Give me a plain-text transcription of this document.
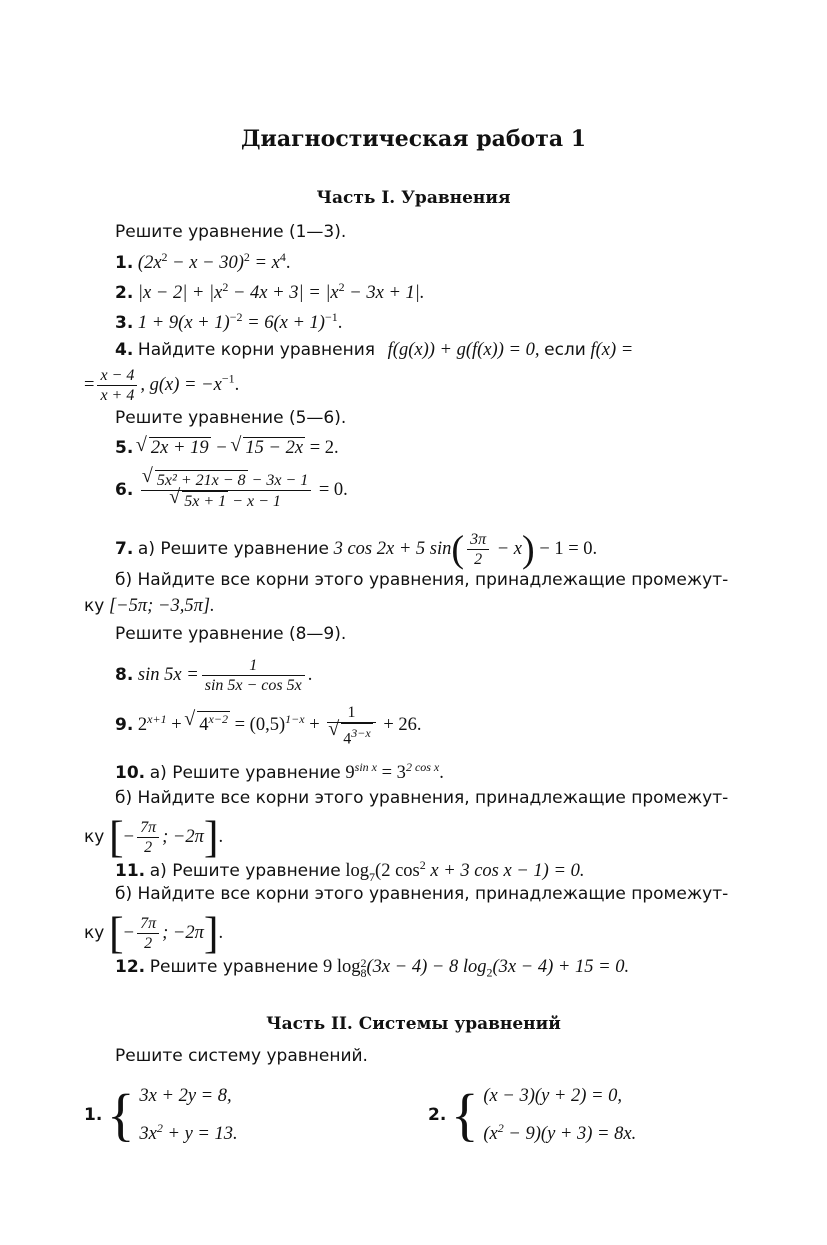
Диагностическая работа 1
Часть I. Уравнения
Решите уравнение (1—3).
1. $(2x^2 - x - 30)^2 = x^4$.
2. $|x - 2| + |x^2 - 4x + 3| = |x^2 - 3x + 1|$.
3. $1 + 9(x + 1)^{-2} = 6(x + 1)^{-1}$.
4. Найдите корни уравнения f(g(x)) + g(f(x)) = 0, если f(x) =
= $\frac{x - 4}{x + 4}$ , $g(x) = -x^{-1}$.
Решите уравнение (5—6).
5. √ 2x + 19 − √ 15 − 2x = 2.
6. √ 5x² + 21x − 8 − 3x − 1
√ 5x + 1 − x − 1 = 0.
7. а) Решите уравнение 3 cos 2x + 5 $\sin( \frac{3\pi}{2} - x) - 1 = 0$.
б) Найдите все корни этого уравнения, принадлежащие промежут-
ку [−5π; −3,5π].
Решите уравнение (8—9).
8. $\sin 5x = \frac{1}{\sin 5x - \cos 5x}$ .
9. $2^{x+1}$ + √ $4^{x-2} = (0,5)^{1-x} + 1$
√ $4^{3-x} + 26$.
10. а) Решите уравнение $9^{sin x} = 3^{2 cos x}$.
б) Найдите все корни этого уравнения, принадлежащие промежут-
ку [− $\frac{7\pi}{2}$ ; −2π].
11. а) Решите уравнение $\log_7(2$ $\cos^2 x + 3$ cos x − 1) = 0.
б) Найдите все корни этого уравнения, принадлежащие промежут-
ку [− $\frac{7\pi}{2}$ ; −2π].
12. Решите уравнение 9 log 2
8 (3x − 4) − 8 $\log_2(3x - 4) + 15 = 0$.
Часть II. Системы уравнений
Решите систему уравнений.
1. { 3x + 2y = 8,
$3x^2 + y = 13$.
2. { (x − 3)(y + 2) = 0,
$(x^2 - 9)(y + 3) = 8x$.
